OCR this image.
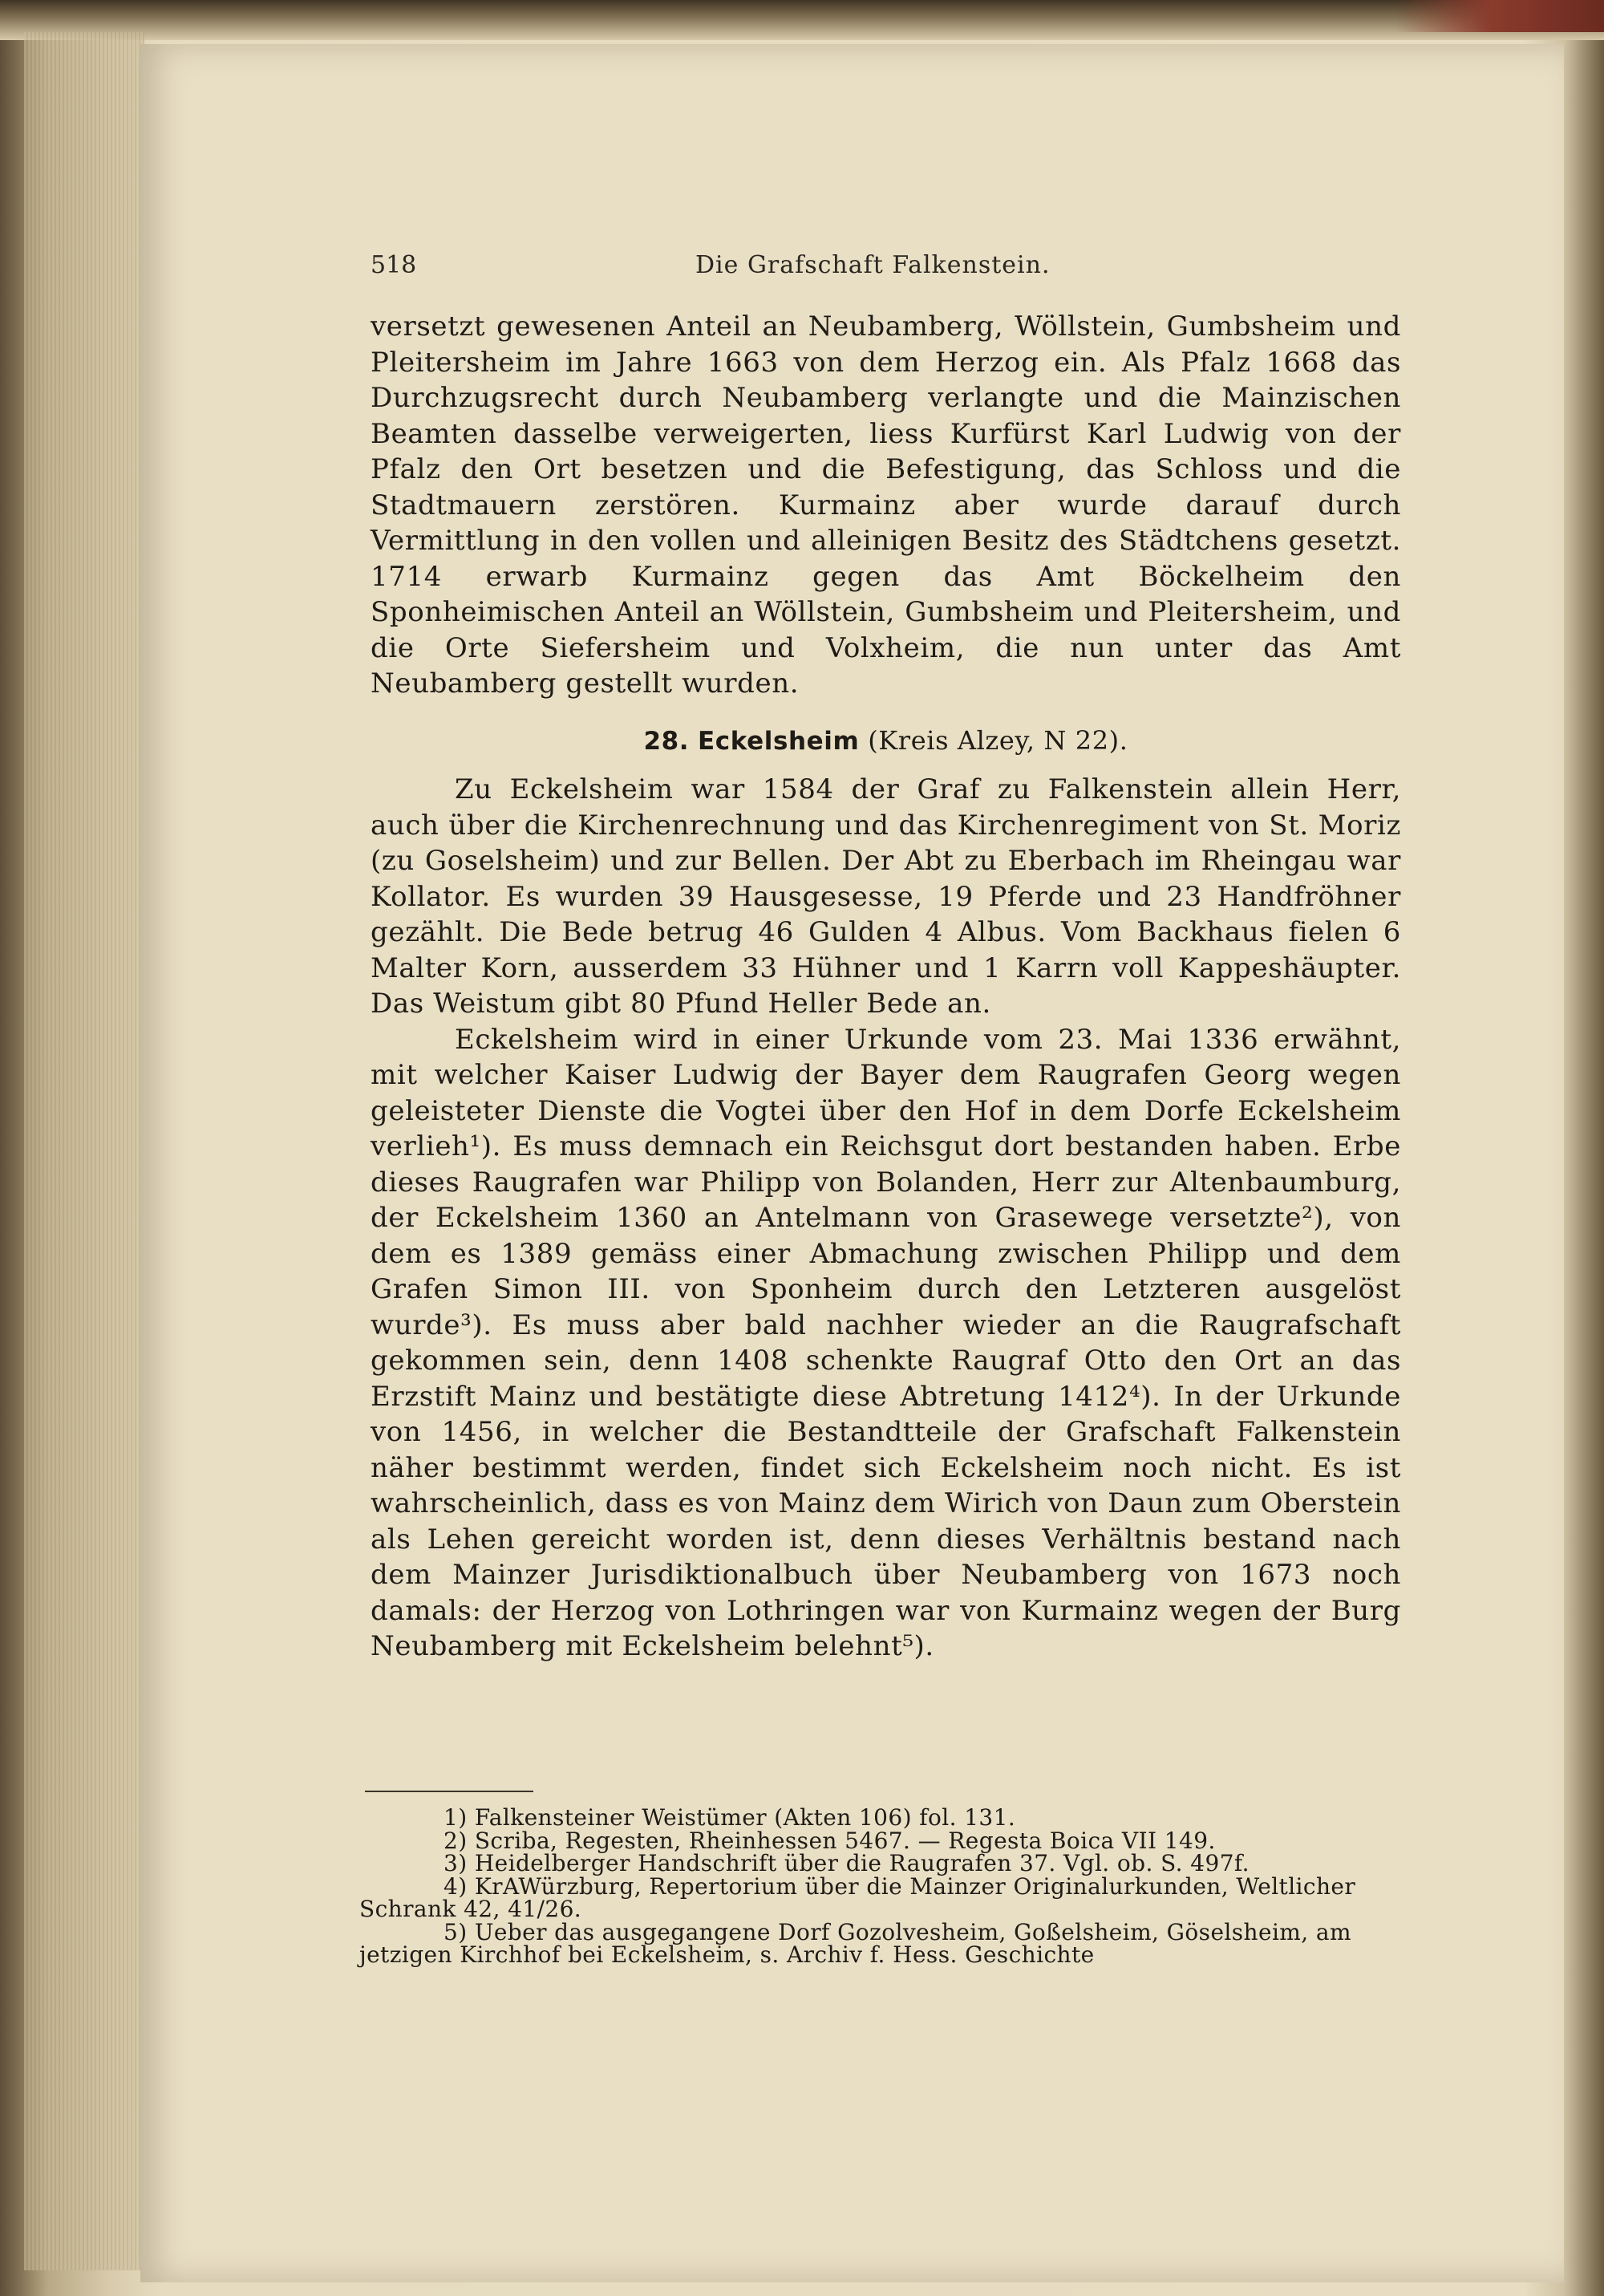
518	Die Grafschaft Falkenstein.

versetzt gewesenen Anteil an Neubamberg, Wöllstein, Gumbsheim und Pleitersheim im Jahre 1663 von dem Herzog ein. Als Pfalz 1668 das Durchzugsrecht durch Neubamberg verlangte und die Mainzischen Beamten dasselbe verweigerten, liess Kurfürst Karl Ludwig von der Pfalz den Ort besetzen und die Befestigung, das Schloss und die Stadtmauern zerstören. Kurmainz aber wurde darauf durch Vermittlung in den vollen und alleinigen Besitz des Städtchens gesetzt. 1714 erwarb Kurmainz gegen das Amt Böckelheim den Sponheimischen Anteil an Wöllstein, Gumbsheim und Pleitersheim, und die Orte Siefersheim und Volxheim, die nun unter das Amt Neubamberg gestellt wurden.

28. Eckelsheim (Kreis Alzey, N 22).

Zu Eckelsheim war 1584 der Graf zu Falkenstein allein Herr, auch über die Kirchenrechnung und das Kirchenregiment von St. Moriz (zu Goselsheim) und zur Bellen. Der Abt zu Eberbach im Rheingau war Kollator. Es wurden 39 Hausgesesse, 19 Pferde und 23 Handfröhner gezählt. Die Bede betrug 46 Gulden 4 Albus. Vom Backhaus fielen 6 Malter Korn, ausserdem 33 Hühner und 1 Karrn voll Kappeshäupter. Das Weistum gibt 80 Pfund Heller Bede an.

Eckelsheim wird in einer Urkunde vom 23. Mai 1336 erwähnt, mit welcher Kaiser Ludwig der Bayer dem Raugrafen Georg wegen geleisteter Dienste die Vogtei über den Hof in dem Dorfe Eckelsheim verlieh¹). Es muss demnach ein Reichsgut dort bestanden haben. Erbe dieses Raugrafen war Philipp von Bolanden, Herr zur Altenbaumburg, der Eckelsheim 1360 an Antelmann von Grasewege versetzte²), von dem es 1389 gemäss einer Abmachung zwischen Philipp und dem Grafen Simon III. von Sponheim durch den Letzteren ausgelöst wurde³). Es muss aber bald nachher wieder an die Raugrafschaft gekommen sein, denn 1408 schenkte Raugraf Otto den Ort an das Erzstift Mainz und bestätigte diese Abtretung 1412⁴). In der Urkunde von 1456, in welcher die Bestandtteile der Grafschaft Falkenstein näher bestimmt werden, findet sich Eckelsheim noch nicht. Es ist wahrscheinlich, dass es von Mainz dem Wirich von Daun zum Oberstein als Lehen gereicht worden ist, denn dieses Verhältnis bestand nach dem Mainzer Jurisdiktionalbuch über Neubamberg von 1673 noch damals: der Herzog von Lothringen war von Kurmainz wegen der Burg Neubamberg mit Eckelsheim belehnt⁵).

1) Falkensteiner Weistümer (Akten 106) fol. 131.

2) Scriba, Regesten, Rheinhessen 5467. — Regesta Boica VII 149.

3) Heidelberger Handschrift über die Raugrafen 37. Vgl. ob. S. 497f.

4) KrAWürzburg, Repertorium über die Mainzer Originalurkunden, Weltlicher Schrank 42, 41/26.

5) Ueber das ausgegangene Dorf Gozolvesheim, Goßelsheim, Göselsheim, am jetzigen Kirchhof bei Eckelsheim, s. Archiv f. Hess. Geschichte
